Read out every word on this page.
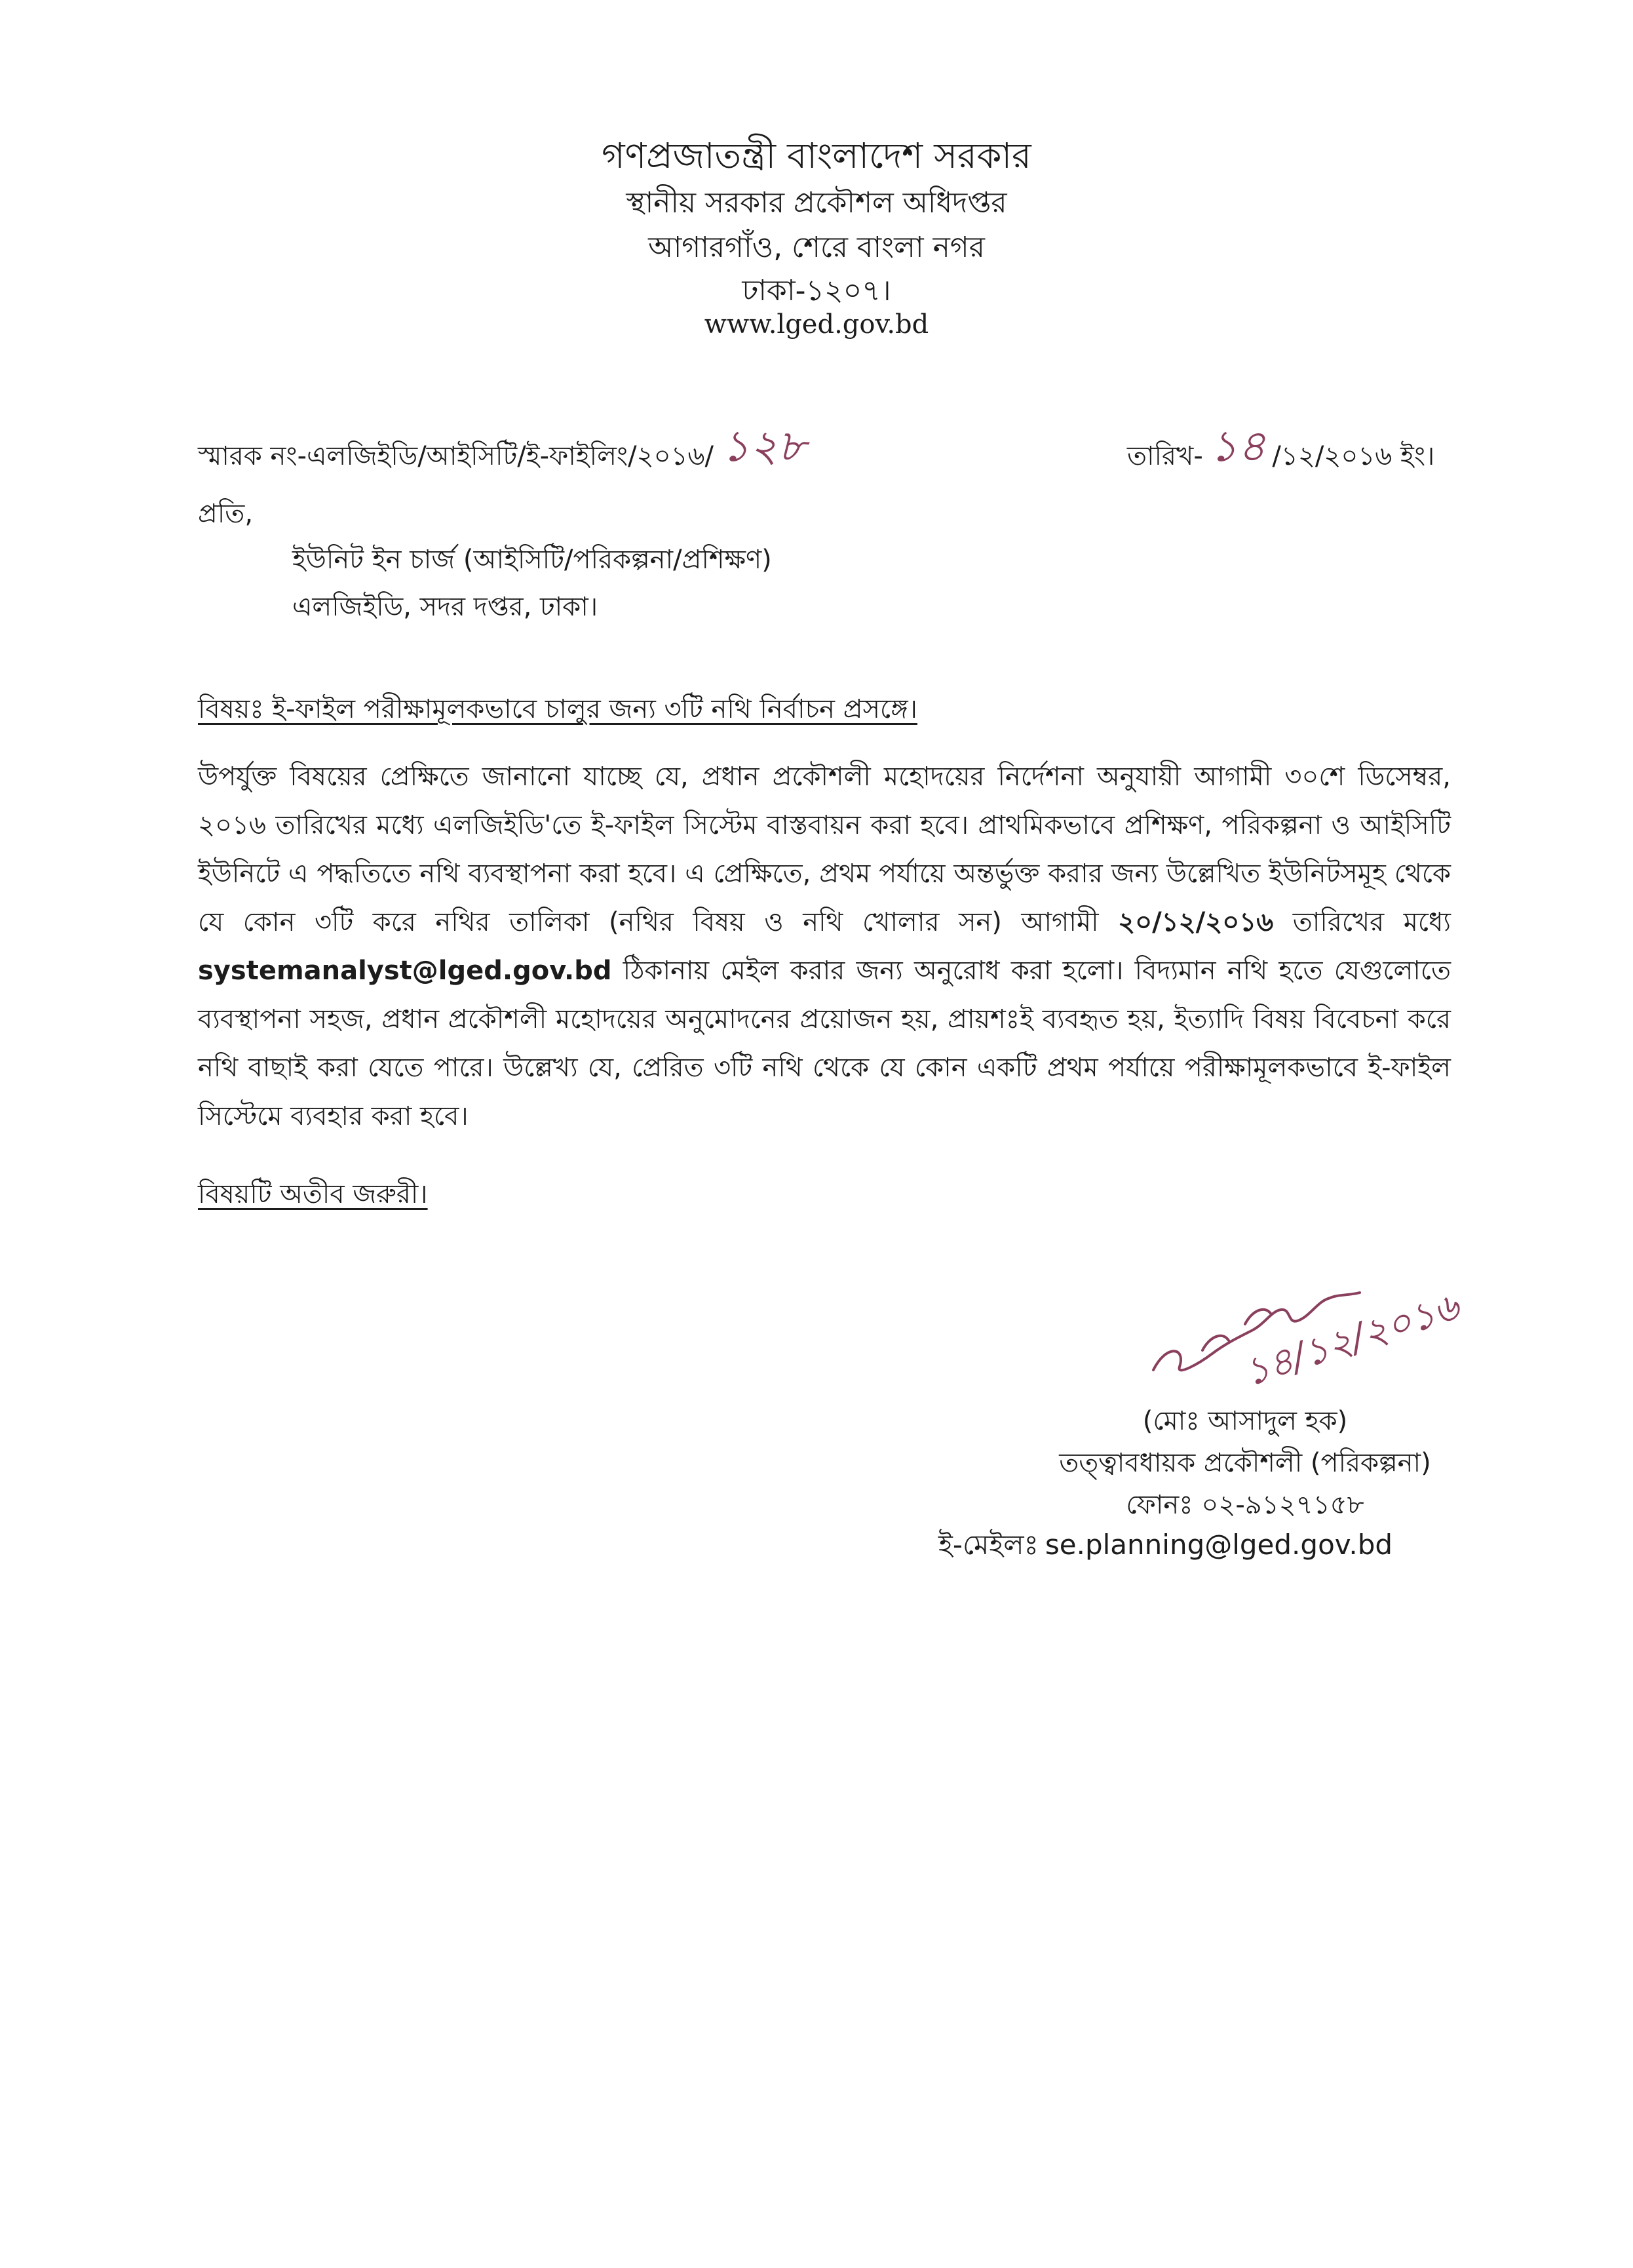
গণপ্রজাতন্ত্রী বাংলাদেশ সরকার
স্থানীয় সরকার প্রকৌশল অধিদপ্তর
আগারগাঁও, শেরে বাংলা নগর
ঢাকা-১২০৭।
www.lged.gov.bd
স্মারক নং-এলজিইডি/আইসিটি/ই-ফাইলিং/২০১৬/ ১২৮	তারিখ- ১৪ /১২/২০১৬ ইং।
প্রতি,
ইউনিট ইন চার্জ (আইসিটি/পরিকল্পনা/প্রশিক্ষণ)
এলজিইডি, সদর দপ্তর, ঢাকা।
বিষয়ঃ ই-ফাইল পরীক্ষামূলকভাবে চালুর জন্য ৩টি নথি নির্বাচন প্রসঙ্গে।
উপর্যুক্ত বিষয়ের প্রেক্ষিতে জানানো যাচ্ছে যে, প্রধান প্রকৌশলী মহোদয়ের নির্দেশনা অনুযায়ী আগামী ৩০শে ডিসেম্বর, ২০১৬ তারিখের মধ্যে এলজিইডি'তে ই-ফাইল সিস্টেম বাস্তবায়ন করা হবে। প্রাথমিকভাবে প্রশিক্ষণ, পরিকল্পনা ও আইসিটি ইউনিটে এ পদ্ধতিতে নথি ব্যবস্থাপনা করা হবে। এ প্রেক্ষিতে, প্রথম পর্যায়ে অন্তর্ভুক্ত করার জন্য উল্লেখিত ইউনিটসমূহ থেকে যে কোন ৩টি করে নথির তালিকা (নথির বিষয় ও নথি খোলার সন) আগামী ২০/১২/২০১৬ তারিখের মধ্যে systemanalyst@lged.gov.bd ঠিকানায় মেইল করার জন্য অনুরোধ করা হলো। বিদ্যমান নথি হতে যেগুলোতে ব্যবস্থাপনা সহজ, প্রধান প্রকৌশলী মহোদয়ের অনুমোদনের প্রয়োজন হয়, প্রায়শঃই ব্যবহৃত হয়, ইত্যাদি বিষয় বিবেচনা করে নথি বাছাই করা যেতে পারে। উল্লেখ্য যে, প্রেরিত ৩টি নথি থেকে যে কোন একটি প্রথম পর্যায়ে পরীক্ষামূলকভাবে ই-ফাইল সিস্টেমে ব্যবহার করা হবে।
বিষয়টি অতীব জরুরী।
১৪/১২/২০১৬
(মোঃ আসাদুল হক)
তত্ত্বাবধায়ক প্রকৌশলী (পরিকল্পনা)
ফোনঃ ০২-৯১২৭১৫৮
ই-মেইলঃ se.planning@lged.gov.bd
